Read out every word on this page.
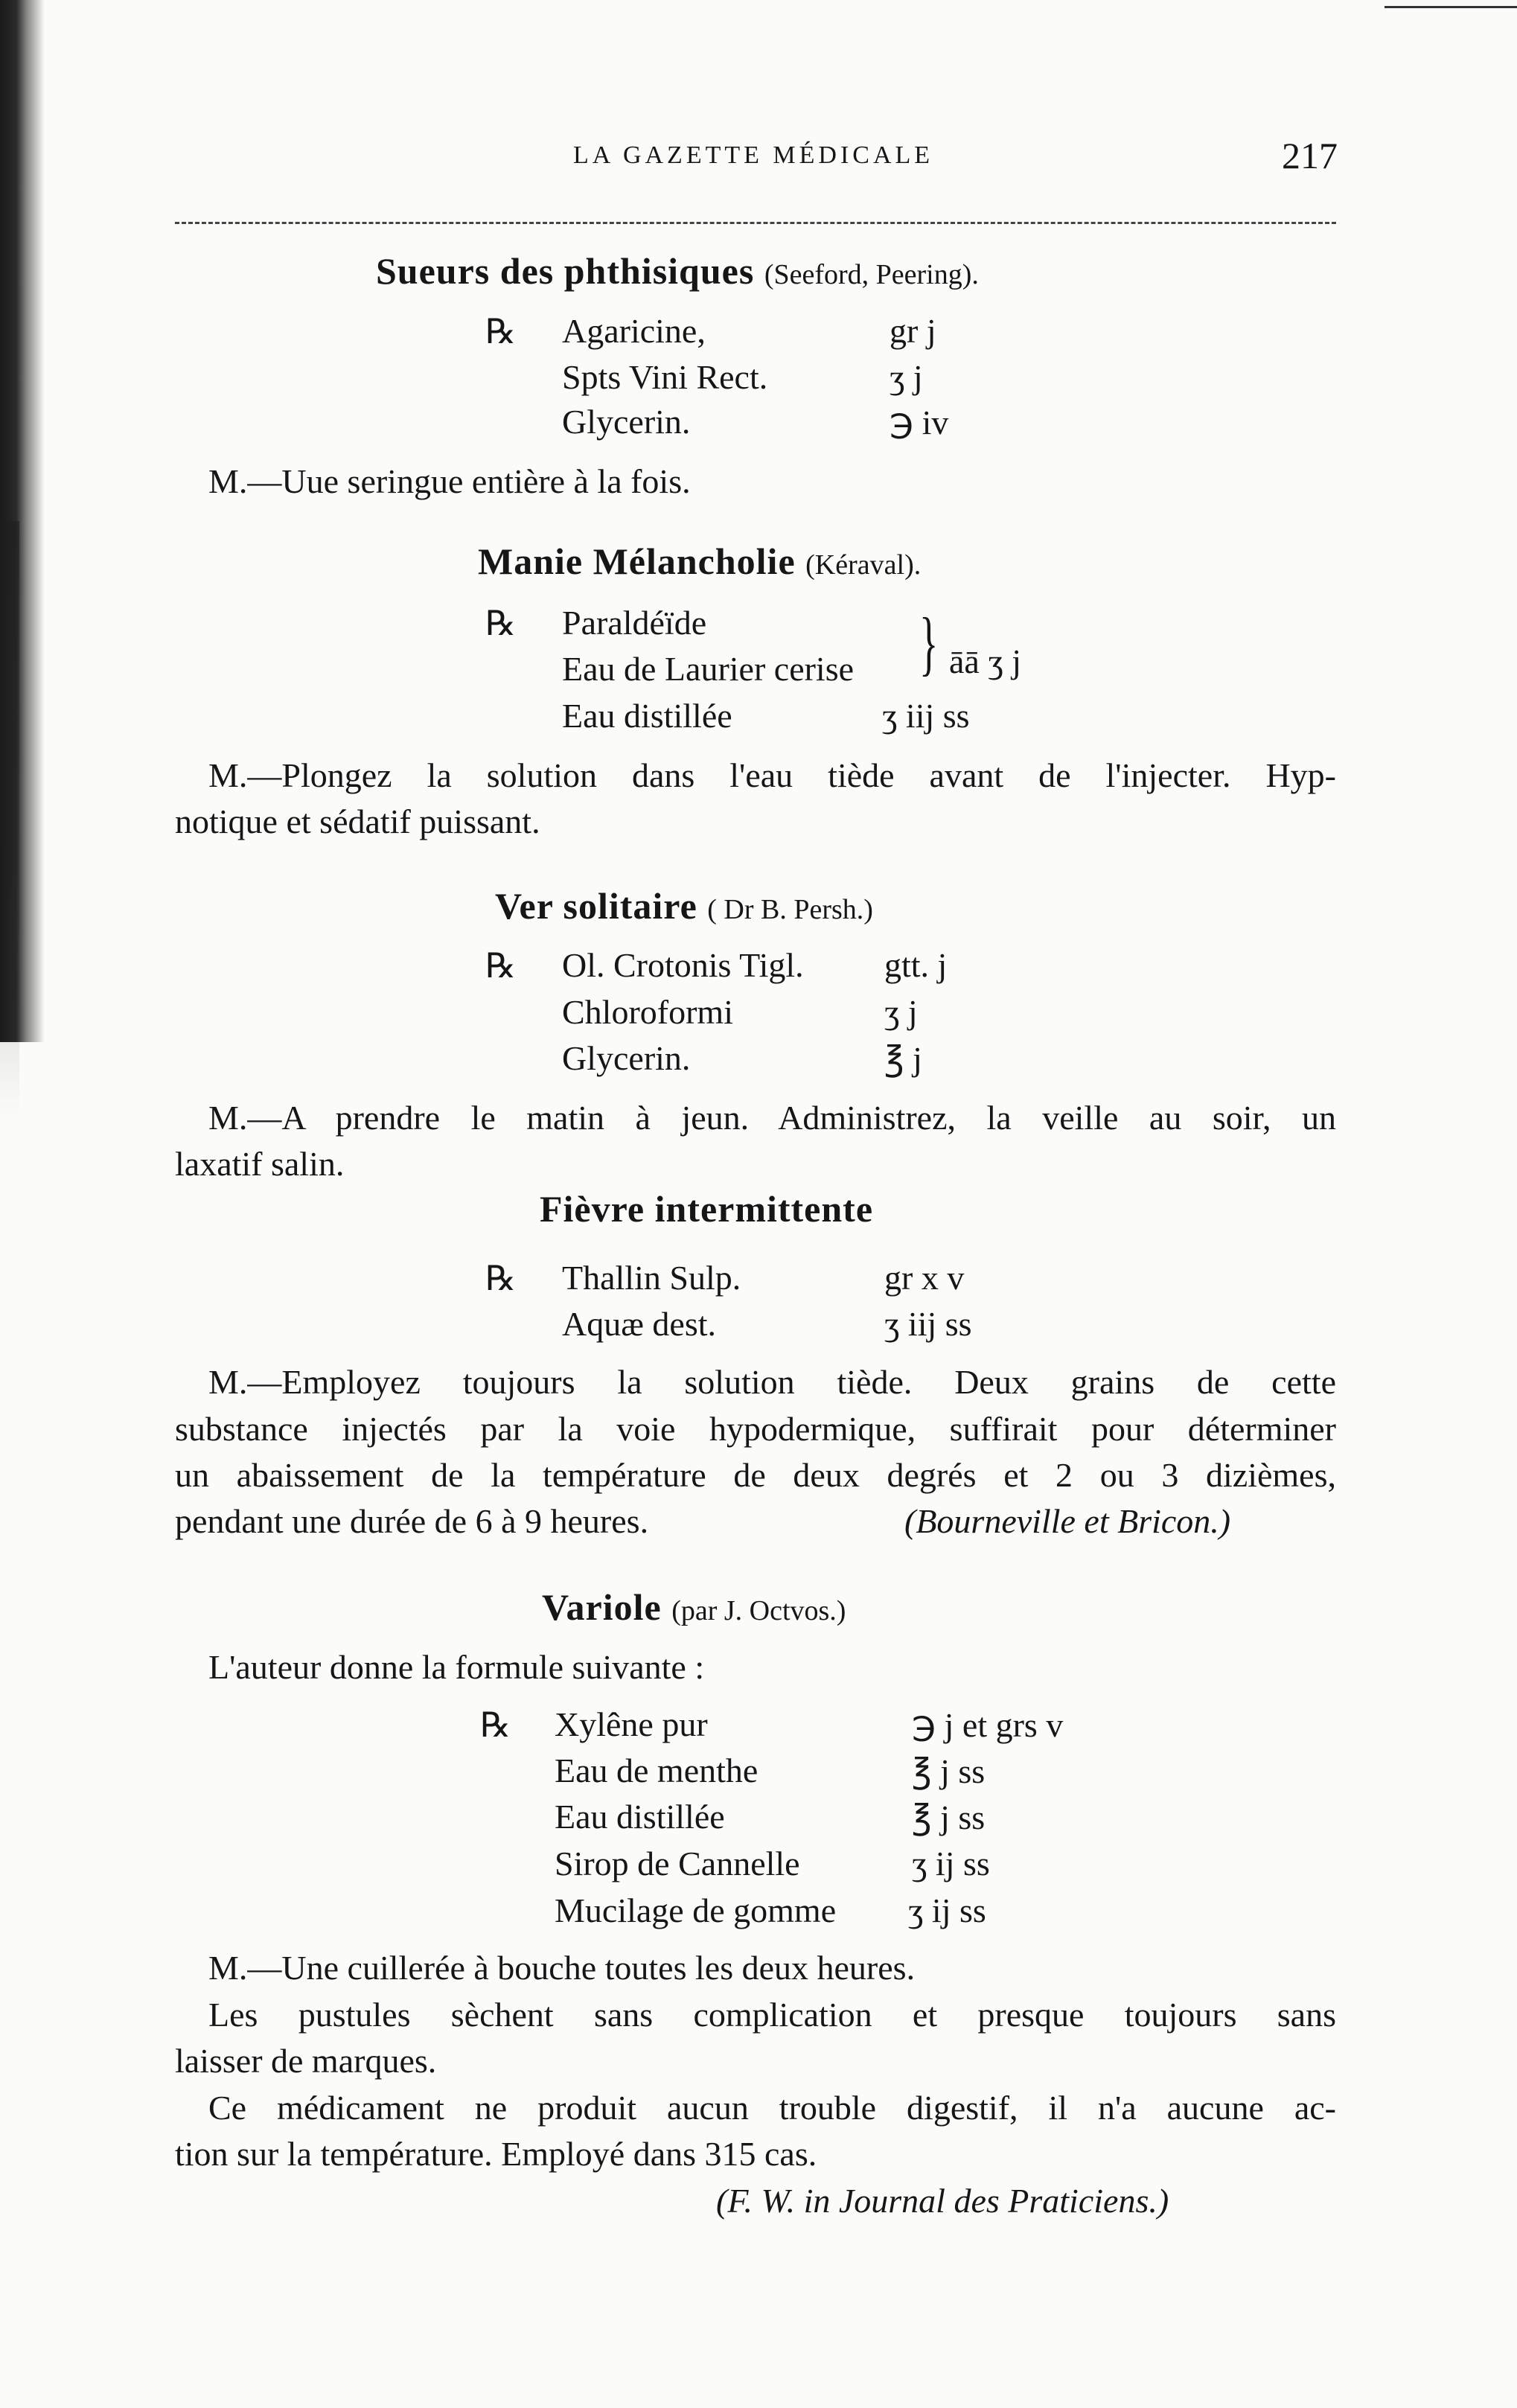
LA GAZETTE MÉDICALE	217
Sueurs des phthisiques (Seeford, Peering).
℞ Agaricine,	gr j
Spts Vini Rect.	ʒ j
Glycerin.	℈ iv
M.—Uue seringue entière à la fois.
Manie Mélancholie (Kéraval).
℞ Paraldéïde
Eau de Laurier cerise } āā ʒ j
Eau distillée	ʒ iij ss
M.—Plongez la solution dans l'eau tiède avant de l'injecter. Hyp-
notique et sédatif puissant.
Ver solitaire ( Dr B. Persh.)
℞ Ol. Crotonis Tigl. gtt. j
Chloroformi	ʒ j
Glycerin.	℥ j
M.—A prendre le matin à jeun. Administrez, la veille au soir, un
laxatif salin.
Fièvre intermittente
℞ Thallin Sulp.	gr x v
Aquæ dest.	ʒ iij ss
M.—Employez toujours la solution tiède. Deux grains de cette
substance injectés par la voie hypodermique, suffirait pour déterminer
un abaissement de la température de deux degrés et 2 ou 3 dizièmes,
pendant une durée de 6 à 9 heures.	(Bourneville et Bricon.)
Variole (par J. Octvos.)
L'auteur donne la formule suivante :
℞ Xylêne pur	℈ j et grs v
Eau de menthe	℥ j ss
Eau distillée	℥ j ss
Sirop de Cannelle	ʒ ij ss
Mucilage de gomme ʒ ij ss
M.—Une cuillerée à bouche toutes les deux heures.
Les pustules sèchent sans complication et presque toujours sans
laisser de marques.
Ce médicament ne produit aucun trouble digestif, il n'a aucune ac-
tion sur la température. Employé dans 315 cas.
(F. W. in Journal des Praticiens.)
